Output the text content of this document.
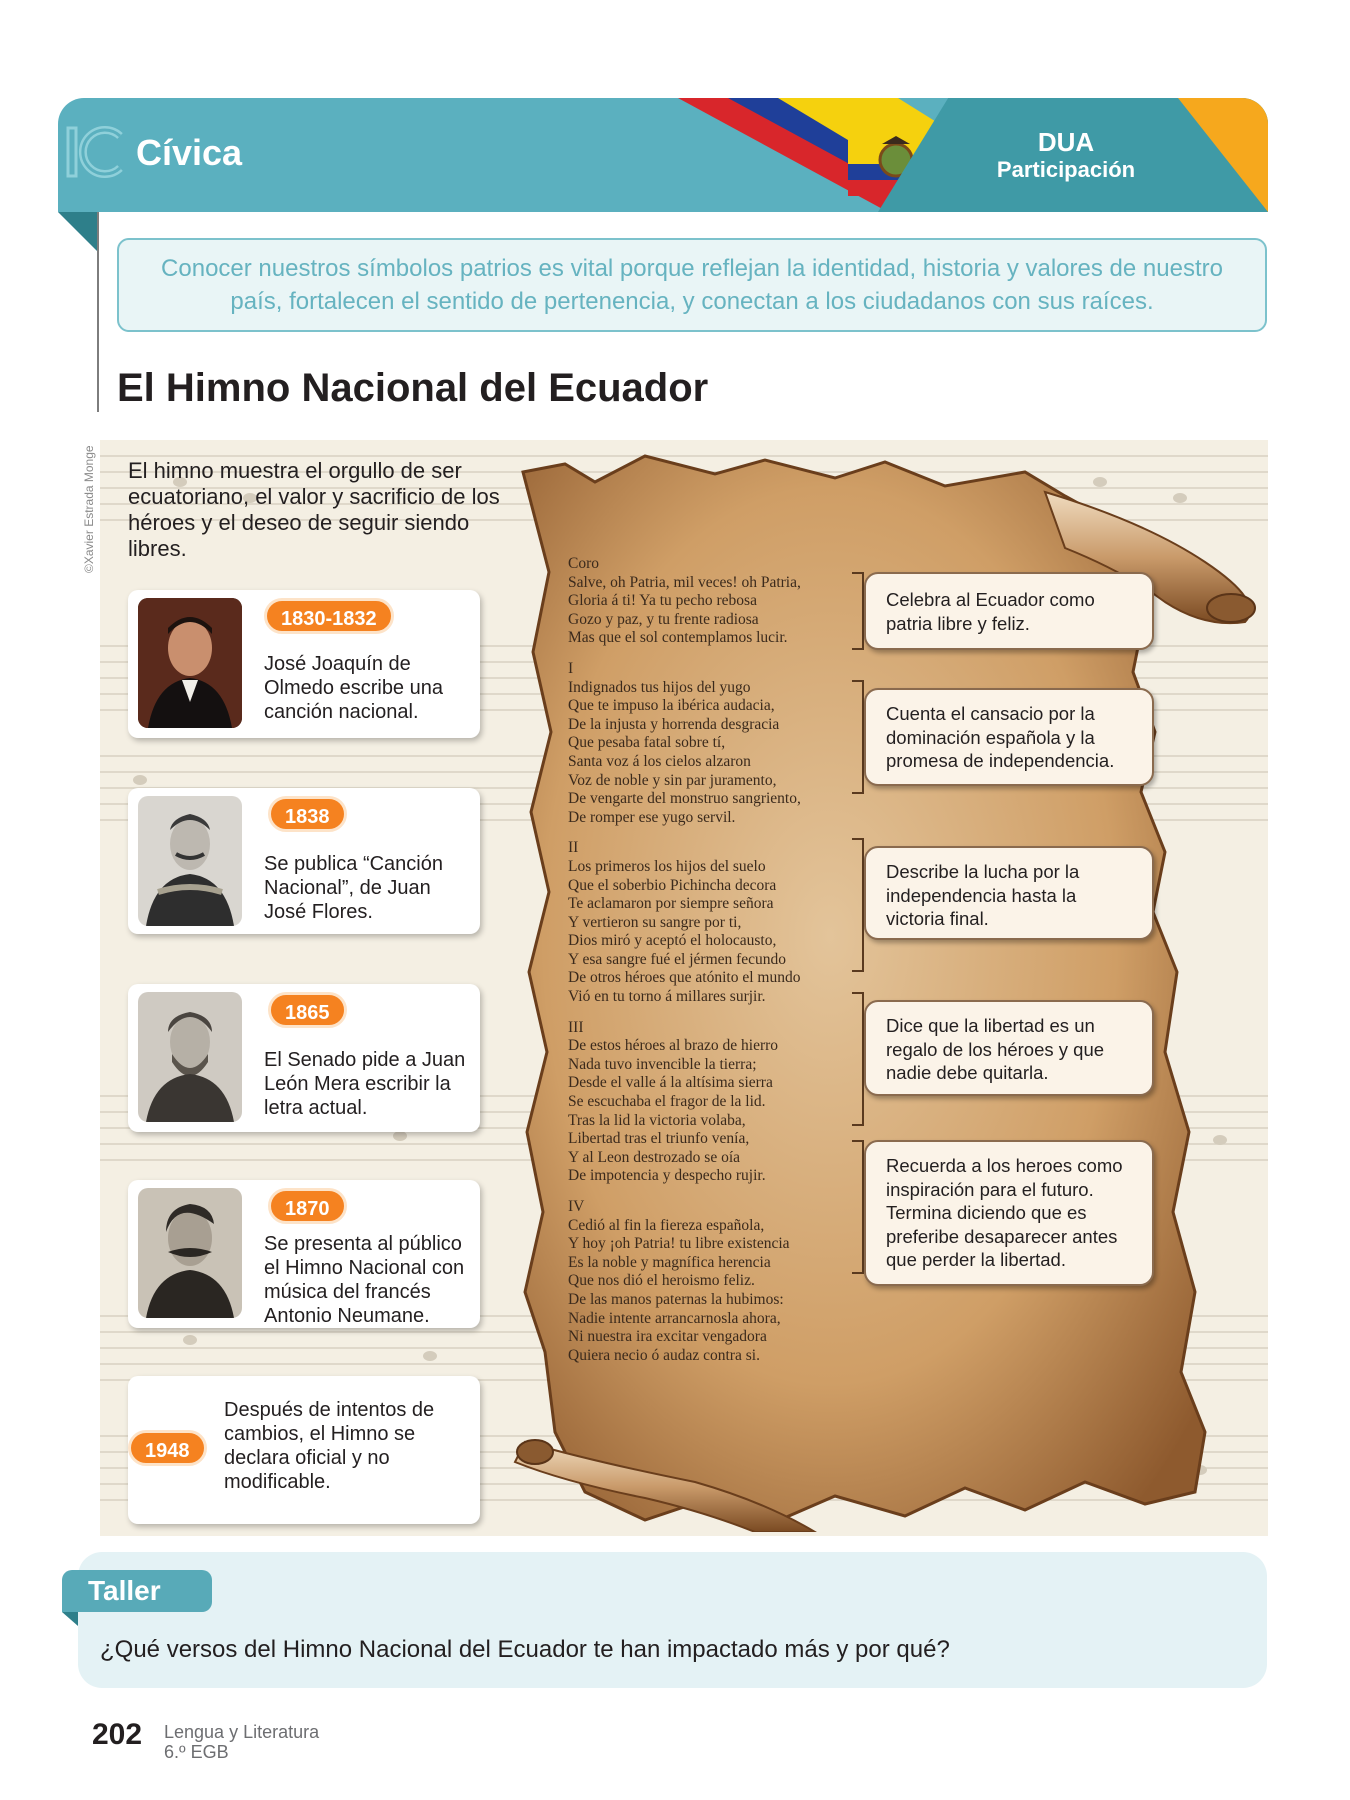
Cívica	DUA
Participación
Conocer nuestros símbolos patrios es vital porque reflejan la identidad, historia y valores de nuestro país, fortalecen el sentido de pertenencia, y conectan a los ciudadanos con sus raíces.
El Himno Nacional del Ecuador
©Xavier Estrada Monge El himno muestra el orgullo de ser ecuatoriano, el valor y sacrificio de los héroes y el deseo de seguir siendo libres.
1830-1832
José Joaquín de Olmedo escribe una canción nacional.
1838
Se publica “Canción Nacional”, de Juan José Flores.
1865
El Senado pide a Juan León Mera escribir la letra actual.
1870
Se presenta al público el Himno Nacional con música del francés Antonio Neumane.
1948
Después de intentos de cambios, el Himno se declara oficial y no modificable.
Coro
Salve, oh Patria, mil veces! oh Patria,
Gloria á ti! Ya tu pecho rebosa
Gozo y paz, y tu frente radiosa
Mas que el sol contemplamos lucir.
I
Indignados tus hijos del yugo
Que te impuso la ibérica audacia,
De la injusta y horrenda desgracia
Que pesaba fatal sobre tí,
Santa voz á los cielos alzaron
Voz de noble y sin par juramento,
De vengarte del monstruo sangriento,
De romper ese yugo servil.
II
Los primeros los hijos del suelo
Que el soberbio Pichincha decora
Te aclamaron por siempre señora
Y vertieron su sangre por ti,
Dios miró y aceptó el holocausto,
Y esa sangre fué el jérmen fecundo
De otros héroes que atónito el mundo
Vió en tu torno á millares surjir.
III
De estos héroes al brazo de hierro
Nada tuvo invencible la tierra;
Desde el valle á la altísima sierra
Se escuchaba el fragor de la lid.
Tras la lid la victoria volaba,
Libertad tras el triunfo venía,
Y al Leon destrozado se oía
De impotencia y despecho rujir.
IV
Cedió al fin la fiereza española,
Y hoy ¡oh Patria! tu libre existencia
Es la noble y magnífica herencia
Que nos dió el heroismo feliz.
De las manos paternas la hubimos:
Nadie intente arrancarnosla ahora,
Ni nuestra ira excitar vengadora
Quiera necio ó audaz contra si.
Celebra al Ecuador como patria libre y feliz.
Cuenta el cansacio por la dominación española y la promesa de independencia.
Describe la lucha por la independencia hasta la victoria final.
Dice que la libertad es un regalo de los héroes y que nadie debe quitarla.
Recuerda a los heroes como inspiración para el futuro. Termina diciendo que es preferibe desaparecer antes que perder la libertad.
Taller
¿Qué versos del Himno Nacional del Ecuador te han impactado más y por qué?
202 Lengua y Literatura
6.º EGB
